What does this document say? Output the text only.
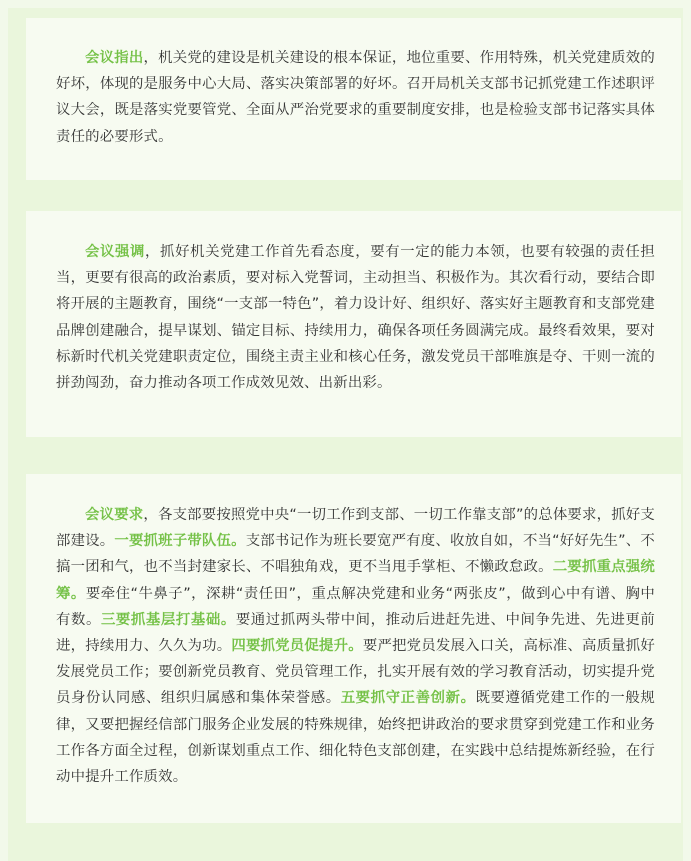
会议指出，机关党的建设是机关建设的根本保证，地位重要、作用特殊，机关党建质效的好坏，体现的是服务中心大局、落实决策部署的好坏。召开局机关支部书记抓党建工作述职评议大会，既是落实党要管党、全面从严治党要求的重要制度安排，也是检验支部书记落实具体责任的必要形式。

会议强调，抓好机关党建工作首先看态度，要有一定的能力本领，也要有较强的责任担当，更要有很高的政治素质，要对标入党誓词，主动担当、积极作为。其次看行动，要结合即将开展的主题教育，围绕“一支部一特色”，着力设计好、组织好、落实好主题教育和支部党建品牌创建融合，提早谋划、锚定目标、持续用力，确保各项任务圆满完成。最终看效果，要对标新时代机关党建职责定位，围绕主责主业和核心任务，激发党员干部唯旗是夺、干则一流的拼劲闯劲，奋力推动各项工作成效见效、出新出彩。

会议要求，各支部要按照党中央“一切工作到支部、一切工作靠支部”的总体要求，抓好支部建设。一要抓班子带队伍。支部书记作为班长要宽严有度、收放自如，不当“好好先生”、不搞一团和气，也不当封建家长、不唱独角戏，更不当甩手掌柜、不懒政怠政。二要抓重点强统筹。要牵住“牛鼻子”，深耕“责任田”，重点解决党建和业务“两张皮”，做到心中有谱、胸中有数。三要抓基层打基础。要通过抓两头带中间，推动后进赶先进、中间争先进、先进更前进，持续用力、久久为功。四要抓党员促提升。要严把党员发展入口关，高标准、高质量抓好发展党员工作；要创新党员教育、党员管理工作，扎实开展有效的学习教育活动，切实提升党员身份认同感、组织归属感和集体荣誉感。五要抓守正善创新。既要遵循党建工作的一般规律，又要把握经信部门服务企业发展的特殊规律，始终把讲政治的要求贯穿到党建工作和业务工作各方面全过程，创新谋划重点工作、细化特色支部创建，在实践中总结提炼新经验，在行动中提升工作质效。
